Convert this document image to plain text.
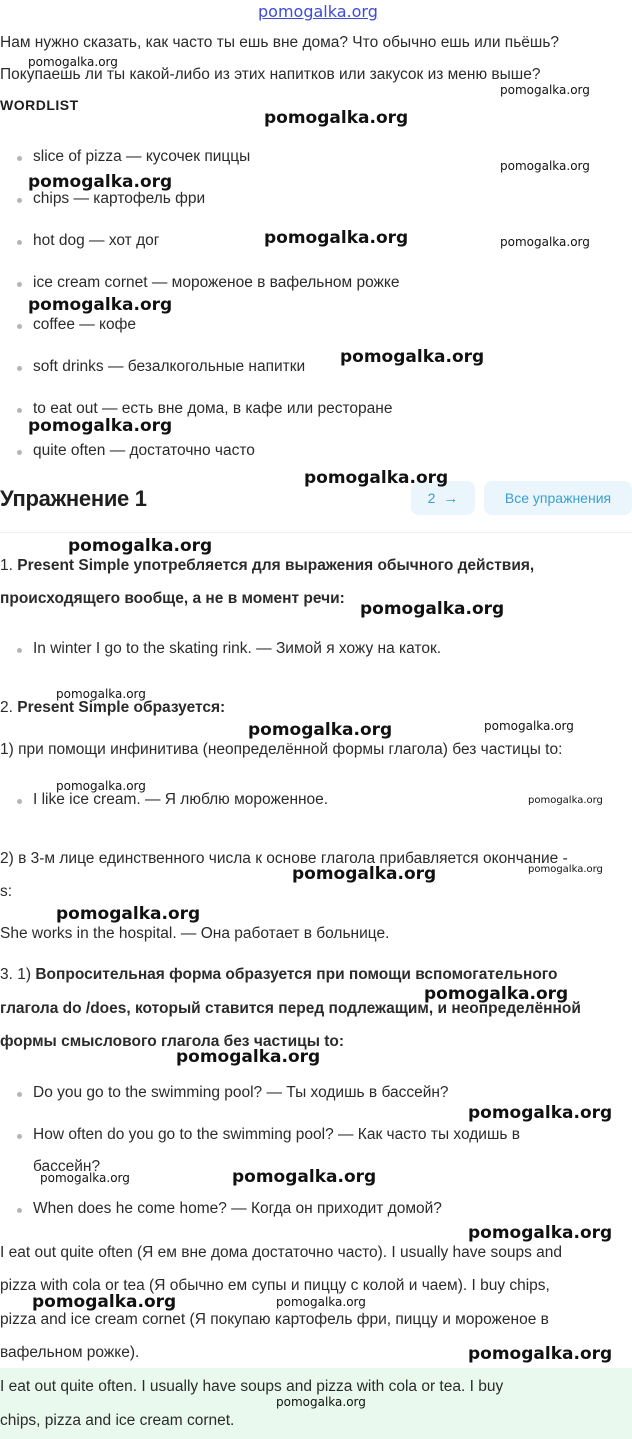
pomogalka.org
Нам нужно сказать, как часто ты ешь вне дома? Что обычно ешь или пьёшь?
Покупаешь ли ты какой-либо из этих напитков или закусок из меню выше?
WORDLIST
slice of pizza — кусочек пиццы
chips — картофель фри
hot dog — хот дог
ice cream cornet — мороженое в вафельном рожке
coffee — кофе
soft drinks — безалкогольные напитки
to eat out — есть вне дома, в кафе или ресторане
quite often — достаточно часто
Упражнение 1	2 →	Все упражнения
1. Present Simple употребляется для выражения обычного действия,
происходящего вообще, а не в момент речи:
In winter I go to the skating rink. — Зимой я хожу на каток.
2. Present Simple образуется:
1) при помощи инфинитива (неопределённой формы глагола) без частицы to:
I like ice cream. — Я люблю мороженное.
2) в 3-м лице единственного числа к основе глагола прибавляется окончание -
s:
She works in the hospital. — Она работает в больнице.
3. 1) Вопросительная форма образуется при помощи вспомогательного
глагола do /does, который ставится перед подлежащим, и неопределённой
формы смыслового глагола без частицы to:
Do you go to the swimming pool? — Ты ходишь в бассейн?
How often do you go to the swimming pool? — Как часто ты ходишь в
бассейн?
When does he come home? — Когда он приходит домой?
I eat out quite often (Я ем вне дома достаточно часто). I usually have soups and
pizza with cola or tea (Я обычно ем супы и пиццу с колой и чаем). I buy chips,
pizza and ice cream cornet (Я покупаю картофель фри, пиццу и мороженое в
вафельном рожке).
I eat out quite often. I usually have soups and pizza with cola or tea. I buy
chips, pizza and ice cream cornet.
pomogalka.org
pomogalka.org
pomogalka.org
pomogalka.org
pomogalka.org
pomogalka.org	pomogalka.org
pomogalka.org
pomogalka.org
pomogalka.org
pomogalka.org
pomogalka.org
pomogalka.org
pomogalka.org
pomogalka.org	pomogalka.org
pomogalka.org
pomogalka.org
pomogalka.org
pomogalka.org
pomogalka.org
pomogalka.org
pomogalka.org
pomogalka.org
pomogalka.org	pomogalka.org
pomogalka.org
pomogalka.org	pomogalka.org
pomogalka.org
pomogalka.org
